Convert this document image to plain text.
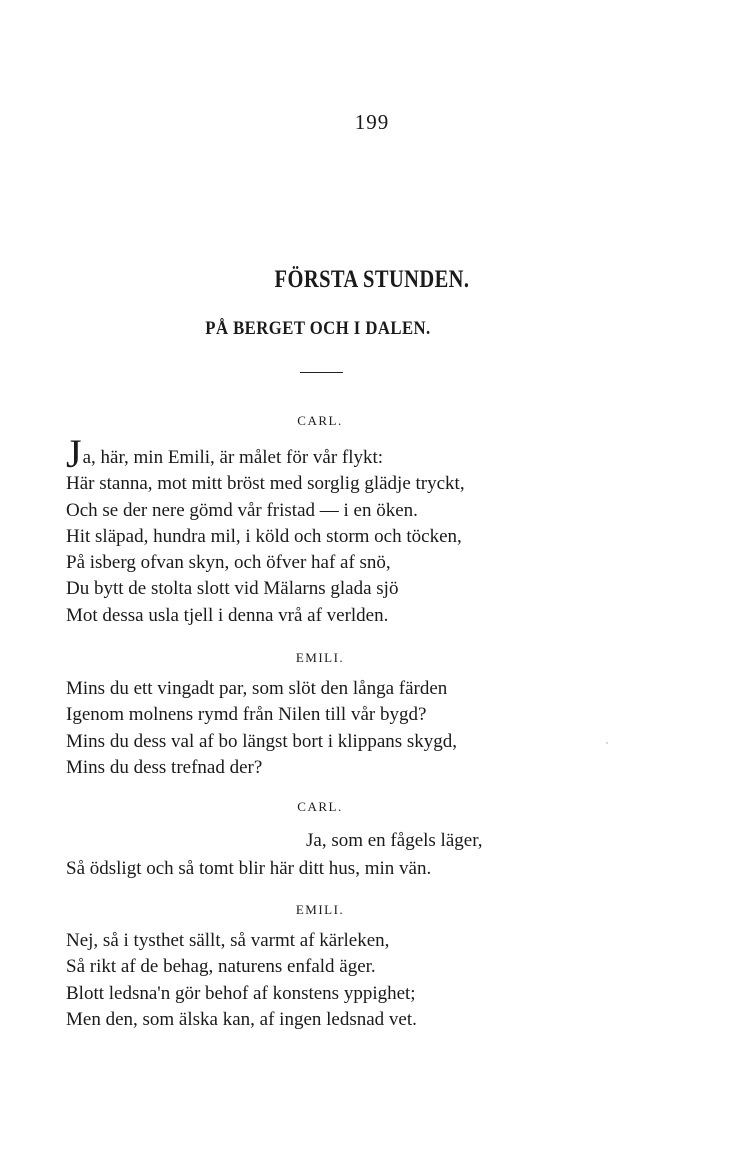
199
FÖRSTA STUNDEN.
PÅ BERGET OCH I DALEN.
CARL.
Ja, här, min Emili, är målet för vår flykt:
Här stanna, mot mitt bröst med sorglig glädje tryckt,
Och se der nere gömd vår fristad — i en öken.
Hit släpad, hundra mil, i köld och storm och töcken,
På isberg ofvan skyn, och öfver haf af snö,
Du bytt de stolta slott vid Mälarns glada sjö
Mot dessa usla tjell i denna vrå af verlden.
EMILI.
Mins du ett vingadt par, som slöt den långa färden
Igenom molnens rymd från Nilen till vår bygd?
Mins du dess val af bo längst bort i klippans skygd,
Mins du dess trefnad der?
CARL.
Ja, som en fågels läger,
Så ödsligt och så tomt blir här ditt hus, min vän.
EMILI.
Nej, så i tysthet sällt, så varmt af kärleken,
Så rikt af de behag, naturens enfald äger.
Blott ledsna'n gör behof af konstens yppighet;
Men den, som älska kan, af ingen ledsnad vet.
